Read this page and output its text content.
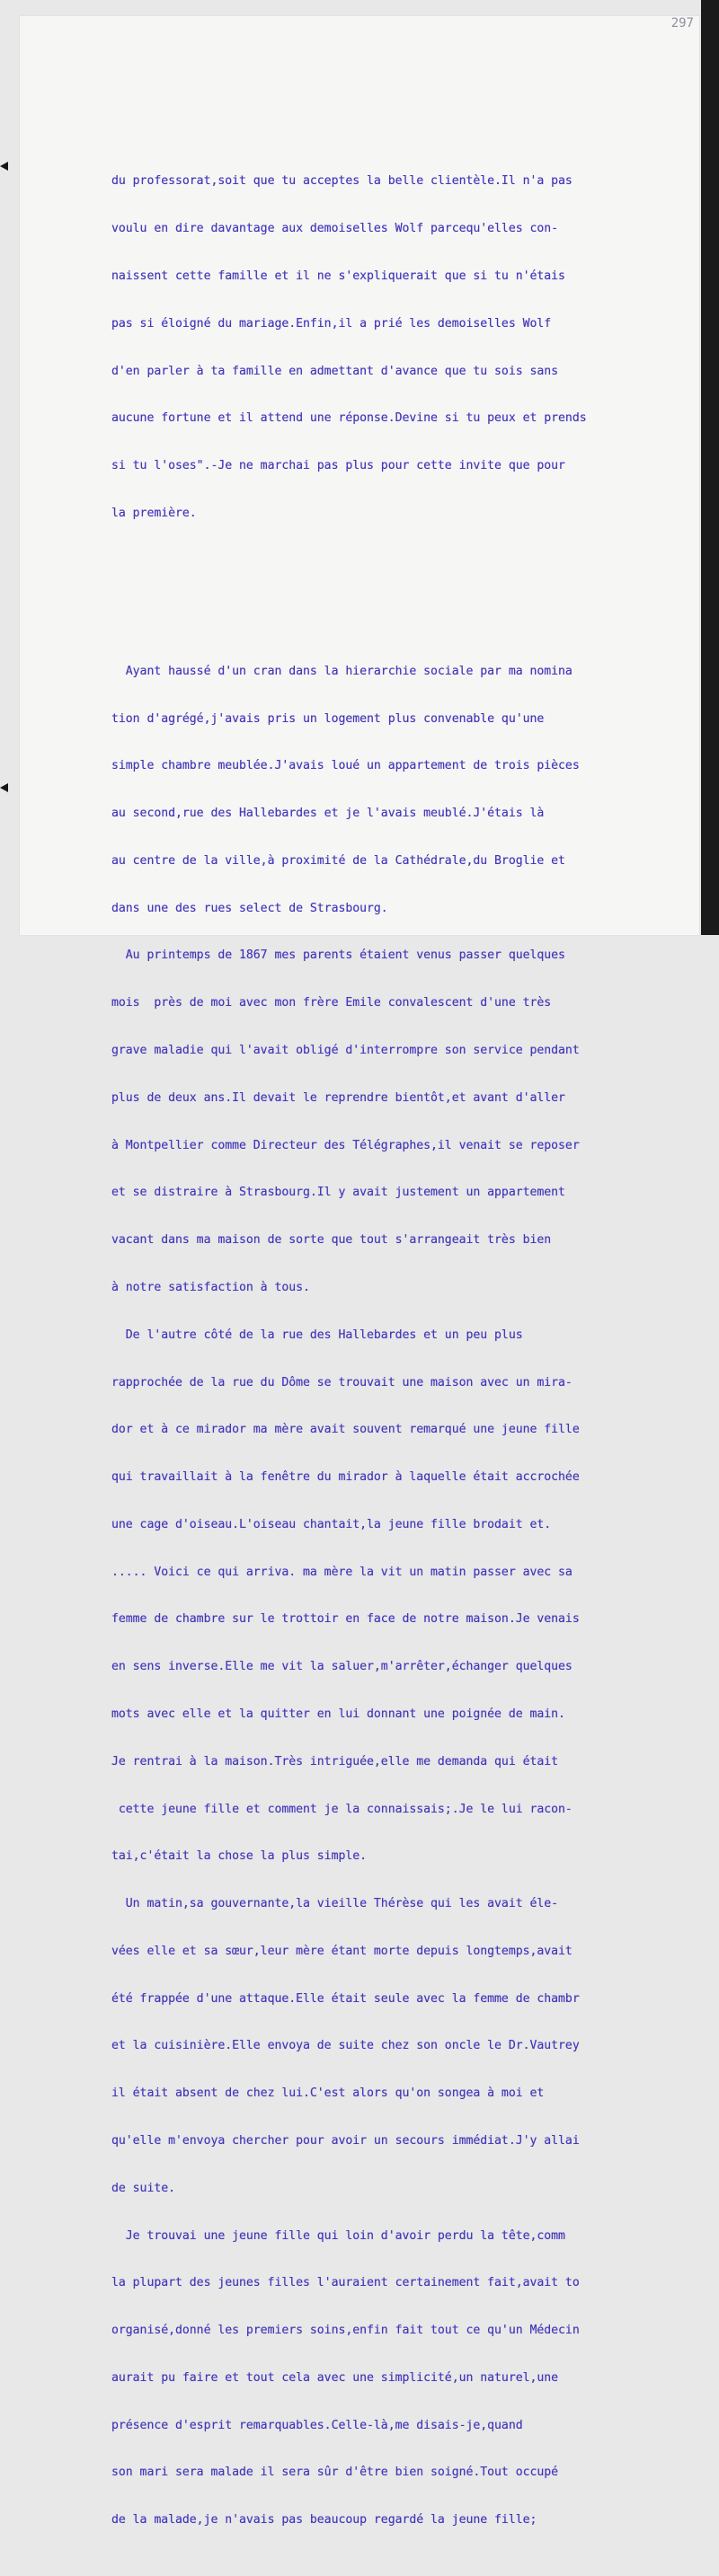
297

du professorat,soit que tu acceptes la belle clientèle.Il n'a pas

voulu en dire davantage aux demoiselles Wolf parcequ'elles con-

naissent cette famille et il ne s'expliquerait que si tu n'étais

pas si éloigné du mariage.Enfin,il a prié les demoiselles Wolf

d'en parler à ta famille en admettant d'avance que tu sois sans

aucune fortune et il attend une réponse.Devine si tu peux et prends

si tu l'oses".-Je ne marchai pas plus pour cette invite que pour

la première.

Ayant haussé d'un cran dans la hierarchie sociale par ma nomina

tion d'agrégé,j'avais pris un logement plus convenable qu'une

simple chambre meublée.J'avais loué un appartement de trois pièces

au second,rue des Hallebardes et je l'avais meublé.J'étais là

au centre de la ville,à proximité de la Cathédrale,du Broglie et

dans une des rues select de Strasbourg.

Au printemps de 1867 mes parents étaient venus passer quelques

mois  près de moi avec mon frère Emile convalescent d'une très

grave maladie qui l'avait obligé d'interrompre son service pendant

plus de deux ans.Il devait le reprendre bientôt,et avant d'aller

à Montpellier comme Directeur des Télégraphes,il venait se reposer

et se distraire à Strasbourg.Il y avait justement un appartement

vacant dans ma maison de sorte que tout s'arrangeait très bien

à notre satisfaction à tous.

De l'autre côté de la rue des Hallebardes et un peu plus

rapprochée de la rue du Dôme se trouvait une maison avec un mira-

dor et à ce mirador ma mère avait souvent remarqué une jeune fille

qui travaillait à la fenêtre du mirador à laquelle était accrochée

une cage d'oiseau.L'oiseau chantait,la jeune fille brodait et.

..... Voici ce qui arriva. ma mère la vit un matin passer avec sa

femme de chambre sur le trottoir en face de notre maison.Je venais

en sens inverse.Elle me vit la saluer,m'arrêter,échanger quelques

mots avec elle et la quitter en lui donnant une poignée de main.

Je rentrai à la maison.Très intriguée,elle me demanda qui était

cette jeune fille et comment je la connaissais;.Je le lui racon-

tai,c'était la chose la plus simple.

Un matin,sa gouvernante,la vieille Thérèse qui les avait éle-

vées elle et sa sœur,leur mère étant morte depuis longtemps,avait

été frappée d'une attaque.Elle était seule avec la femme de chambr

et la cuisinière.Elle envoya de suite chez son oncle le Dr.Vautrey

il était absent de chez lui.C'est alors qu'on songea à moi et

qu'elle m'envoya chercher pour avoir un secours immédiat.J'y allai

de suite.

Je trouvai une jeune fille qui loin d'avoir perdu la tête,comm

la plupart des jeunes filles l'auraient certainement fait,avait to

organisé,donné les premiers soins,enfin fait tout ce qu'un Médecin

aurait pu faire et tout cela avec une simplicité,un naturel,une

présence d'esprit remarquables.Celle-là,me disais-je,quand

son mari sera malade il sera sûr d'être bien soigné.Tout occupé

de la malade,je n'avais pas beaucoup regardé la jeune fille;
